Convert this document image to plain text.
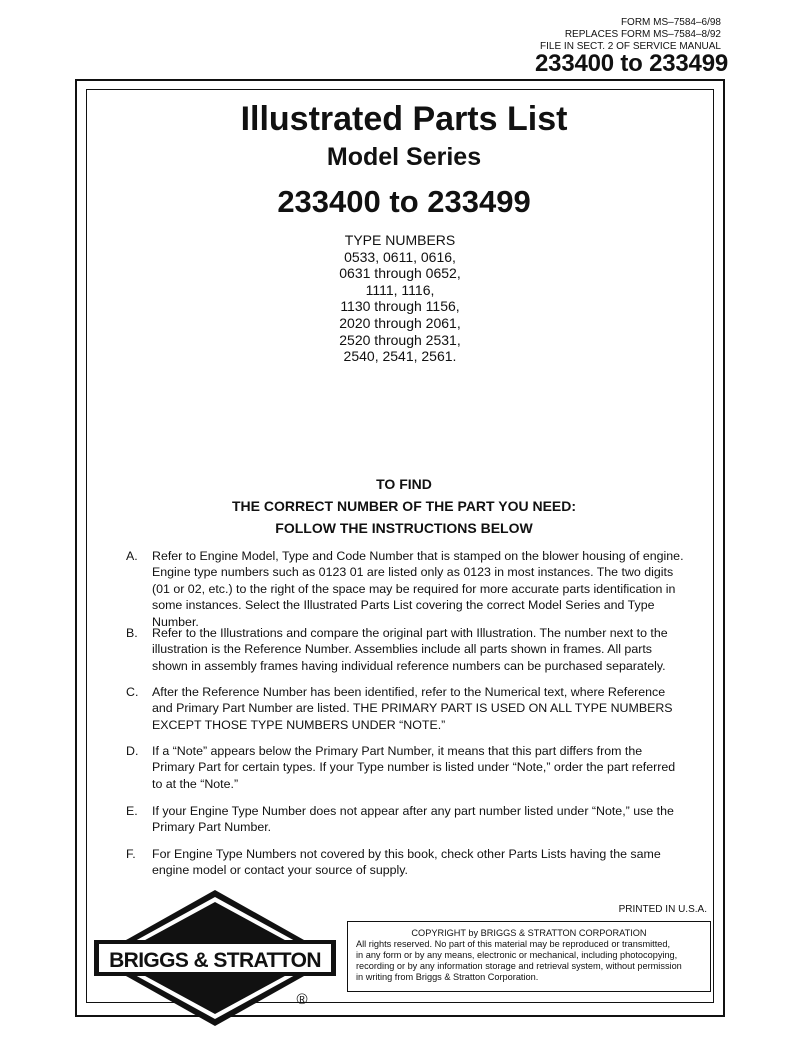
FORM MS–7584–6/98
REPLACES FORM MS–7584–8/92
FILE IN SECT. 2 OF SERVICE MANUAL
233400 to 233499
Illustrated Parts List
Model Series
233400 to 233499
TYPE NUMBERS
0533, 0611, 0616,
0631 through 0652,
1111, 1116,
1130 through 1156,
2020 through 2061,
2520 through 2531,
2540, 2541, 2561.
TO FIND
THE CORRECT NUMBER OF THE PART YOU NEED:
FOLLOW THE INSTRUCTIONS BELOW
A. Refer to Engine Model, Type and Code Number that is stamped on the blower housing of engine. Engine type numbers such as 0123 01 are listed only as 0123 in most instances. The two digits (01 or 02, etc.) to the right of the space may be required for more accurate parts identification in some instances. Select the Illustrated Parts List covering the correct Model Series and Type Number.
B. Refer to the Illustrations and compare the original part with Illustration. The number next to the illustration is the Reference Number. Assemblies include all parts shown in frames. All parts shown in assembly frames having individual reference numbers can be purchased separately.
C. After the Reference Number has been identified, refer to the Numerical text, where Reference and Primary Part Number are listed. THE PRIMARY PART IS USED ON ALL TYPE NUMBERS EXCEPT THOSE TYPE NUMBERS UNDER “NOTE.”
D. If a “Note” appears below the Primary Part Number, it means that this part differs from the Primary Part for certain types. If your Type number is listed under “Note,” order the part referred to at the “Note.”
E. If your Engine Type Number does not appear after any part number listed under “Note,” use the Primary Part Number.
F. For Engine Type Numbers not covered by this book, check other Parts Lists having the same engine model or contact your source of supply.
PRINTED IN U.S.A.
COPYRIGHT by BRIGGS & STRATTON CORPORATION
All rights reserved. No part of this material may be reproduced or transmitted,
in any form or by any means, electronic or mechanical, including photocopying,
recording or by any information storage and retrieval system, without permission
in writing from Briggs & Stratton Corporation.
BRIGGS & STRATTON
®
